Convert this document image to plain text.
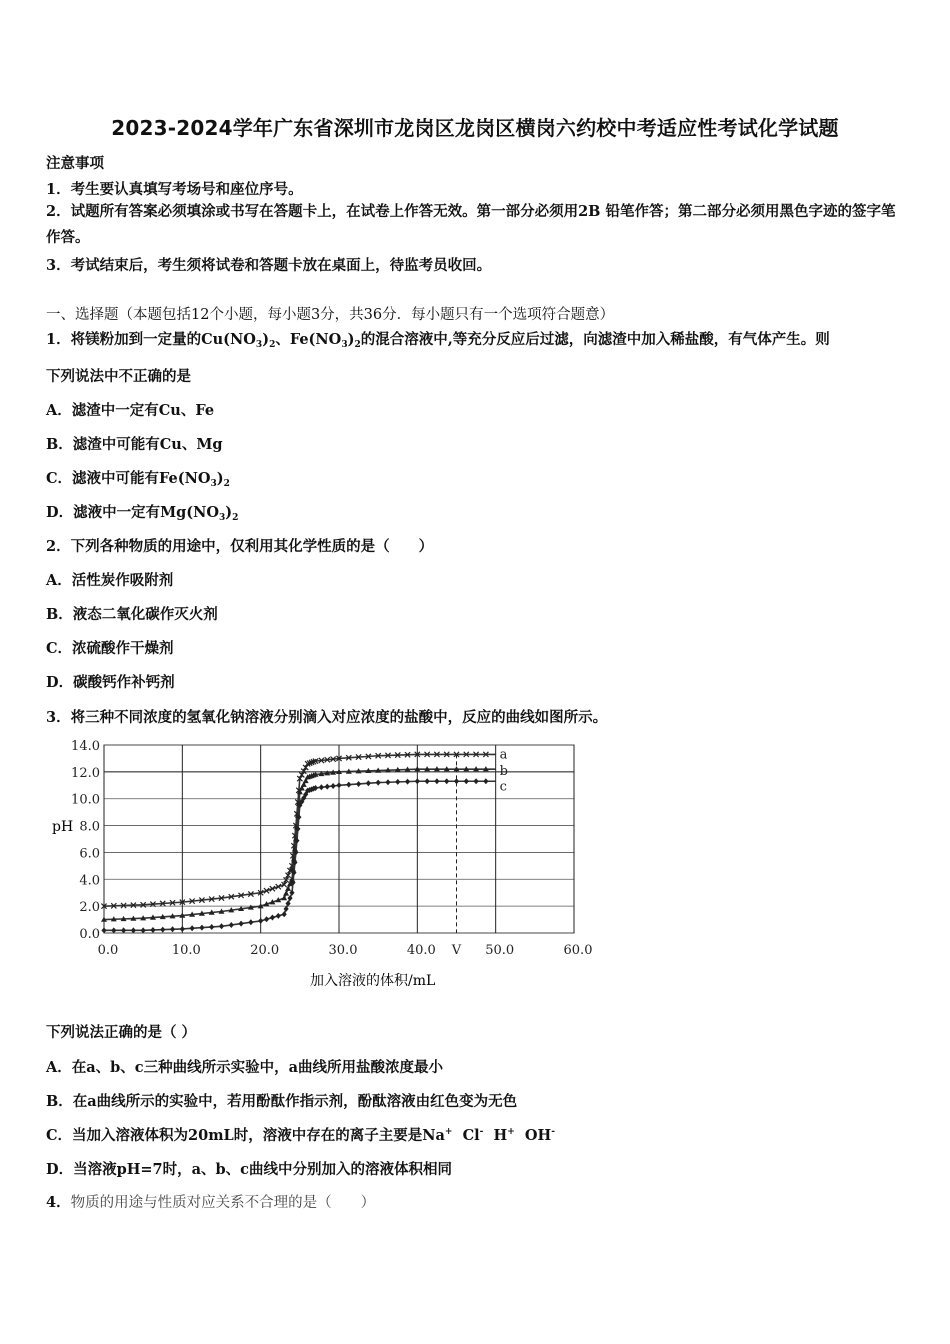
2023-2024学年广东省深圳市龙岗区龙岗区横岗六约校中考适应性考试化学试题
注意事项
1．考生要认真填写考场号和座位序号。
2．试题所有答案必须填涂或书写在答题卡上，在试卷上作答无效。第一部分必须用2B 铅笔作答；第二部分必须用黑色字迹的签字笔作答。
3．考试结束后，考生须将试卷和答题卡放在桌面上，待监考员收回。
一、选择题（本题包括12个小题，每小题3分，共36分．每小题只有一个选项符合题意）
1．将镁粉加到一定量的$Cu(NO_3)_2$、$Fe(NO_3)_2$的混合溶液中,等充分反应后过滤，向滤渣中加入稀盐酸，有气体产生。则
下列说法中不正确的是
A．滤渣中一定有Cu、Fe
B．滤渣中可能有Cu、Mg
C．滤液中可能有$Fe(NO_3)_2$
D．滤液中一定有$Mg(NO_3)_2$
2．下列各种物质的用途中，仅利用其化学性质的是（　　）
A．活性炭作吸附剂
B．液态二氧化碳作灭火剂
C．浓硫酸作干燥剂
D．碳酸钙作补钙剂
3．将三种不同浓度的氢氧化钠溶液分别滴入对应浓度的盐酸中，反应的曲线如图所示。
0.0
2.0
4.0
6.0
8.0
10.0
12.0
14.0
0.0	10.0	20.0	30.0	40.0	50.0	60.0
V
a
b
c
pH
加入溶液的体积/mL
下列说法正确的是（ ）
A．在a、b、c三种曲线所示实验中，a曲线所用盐酸浓度最小
B．在a曲线所示的实验中，若用酚酞作指示剂，酚酞溶液由红色变为无色
C．当加入溶液体积为20mL时，溶液中存在的离子主要是Na+ Cl- H+ OH-
D．当溶液pH=7时，a、b、c曲线中分别加入的溶液体积相同
4．物质的用途与性质对应关系不合理的是（　　）
